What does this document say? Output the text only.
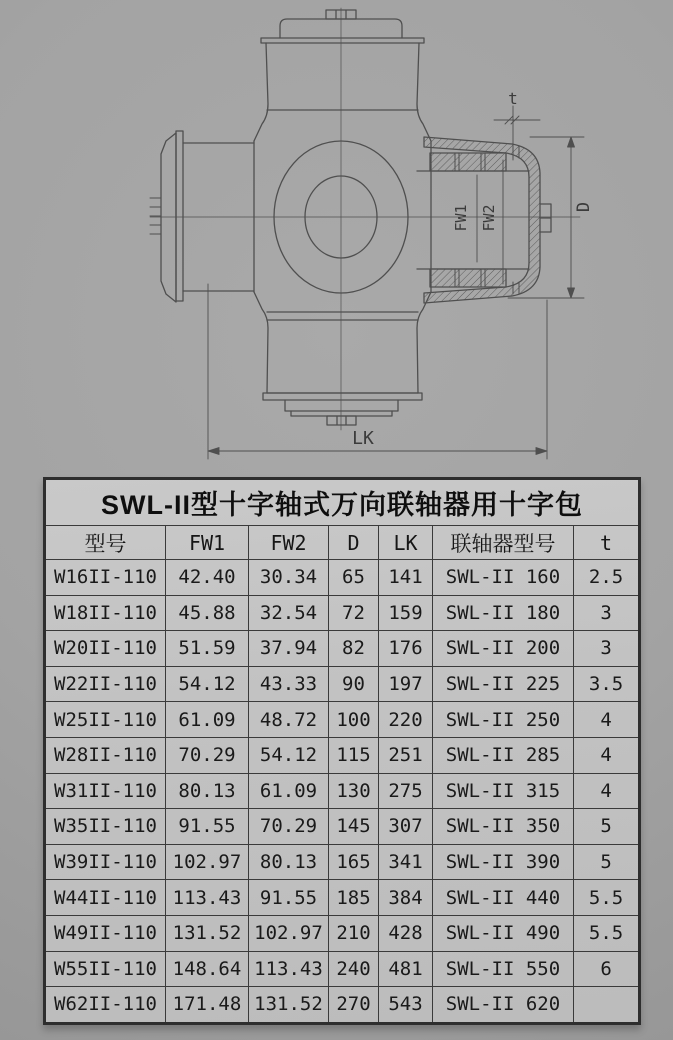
t
FW1 FW2	D
LK
SWL-II型十字轴式万向联轴器用十字包						
型号	FW1	FW2	D	LK	联轴器型号	t
W16II-110	42.40	30.34	65	141	SWL-II 160	2.5
W18II-110	45.88	32.54	72	159	SWL-II 180	3
W20II-110	51.59	37.94	82	176	SWL-II 200	3
W22II-110	54.12	43.33	90	197	SWL-II 225	3.5
W25II-110	61.09	48.72	100	220	SWL-II 250	4
W28II-110	70.29	54.12	115	251	SWL-II 285	4
W31II-110	80.13	61.09	130	275	SWL-II 315	4
W35II-110	91.55	70.29	145	307	SWL-II 350	5
W39II-110	102.97	80.13	165	341	SWL-II 390	5
W44II-110	113.43	91.55	185	384	SWL-II 440	5.5
W49II-110	131.52	102.97	210	428	SWL-II 490	5.5
W55II-110	148.64	113.43	240	481	SWL-II 550	6
W62II-110	171.48	131.52	270	543	SWL-II 620	
